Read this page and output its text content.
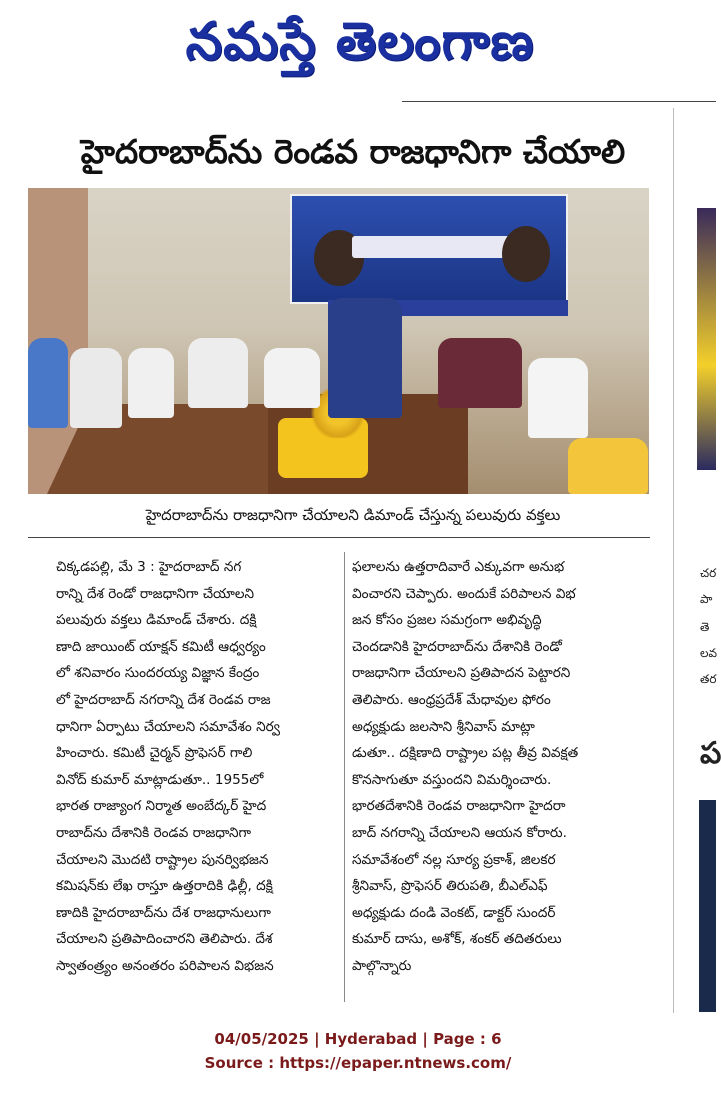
నమస్తే తెలంగాణ
హైదరాబాద్‌ను రెండవ రాజధానిగా చేయాలి
హైదరాబాద్‌ను రాజధానిగా చేయాలని డిమాండ్ చేస్తున్న పలువురు వక్తలు
చిక్కడపల్లి, మే 3 : హైదరాబాద్ నగ
రాన్ని దేశ రెండో రాజధానిగా చేయాలని
పలువురు వక్తలు డిమాండ్ చేశారు. దక్షి
ణాది జాయింట్ యాక్షన్ కమిటీ ఆధ్వర్యం
లో శనివారం సుందరయ్య విజ్ఞాన కేంద్రం
లో హైదరాబాద్ నగరాన్ని దేశ రెండవ రాజ
ధానిగా ఏర్పాటు చేయాలని సమావేశం నిర్వ
హించారు. కమిటీ చైర్మన్ ప్రొఫెసర్ గాలి
వినోద్ కుమార్ మాట్లాడుతూ.. 1955లో
భారత రాజ్యాంగ నిర్మాత అంబేద్కర్ హైద
రాబాద్‌ను దేశానికి రెండవ రాజధానిగా
చేయాలని మొదటి రాష్ట్రాల పునర్విభజన
కమిషన్‌కు లేఖ రాస్తూ ఉత్తరాదికి ఢిల్లీ, దక్షి
ణాదికి హైదరాబాద్‌ను దేశ రాజధానులుగా
చేయాలని ప్రతిపాదించారని తెలిపారు. దేశ
స్వాతంత్ర్యం అనంతరం పరిపాలన విభజన
ఫలాలను ఉత్తరాదివారే ఎక్కువగా అనుభ
వించారని చెప్పారు. అందుకే పరిపాలన విభ
జన కోసం ప్రజల సమగ్రంగా అభివృద్ధి
చెందడానికి హైదరాబాద్‌ను దేశానికి రెండో
రాజధానిగా చేయాలని ప్రతిపాదన పెట్టారని
తెలిపారు. ఆంధ్రప్రదేశ్ మేధావుల ఫోరం
అధ్యక్షుడు జలసాని శ్రీనివాస్ మాట్లా
డుతూ.. దక్షిణాది రాష్ట్రాల పట్ల తీవ్ర వివక్షత
కొనసాగుతూ వస్తుందని విమర్శించారు.
భారతదేశానికి రెండవ రాజధానిగా హైదరా
బాద్ నగరాన్ని చేయాలని ఆయన కోరారు.
సమావేశంలో నల్ల సూర్య ప్రకాశ్, జిలకర
శ్రీనివాస్, ప్రొఫెసర్ తిరుపతి, బీఎల్‌ఎఫ్
అధ్యక్షుడు దండి వెంకట్, డాక్టర్ సుందర్
కుమార్ దాసు, అశోక్, శంకర్ తదితరులు
పాల్గొన్నారు
చర
పా
తె
లవ
తర
ప
04/05/2025 | Hyderabad | Page : 6
Source : https://epaper.ntnews.com/
